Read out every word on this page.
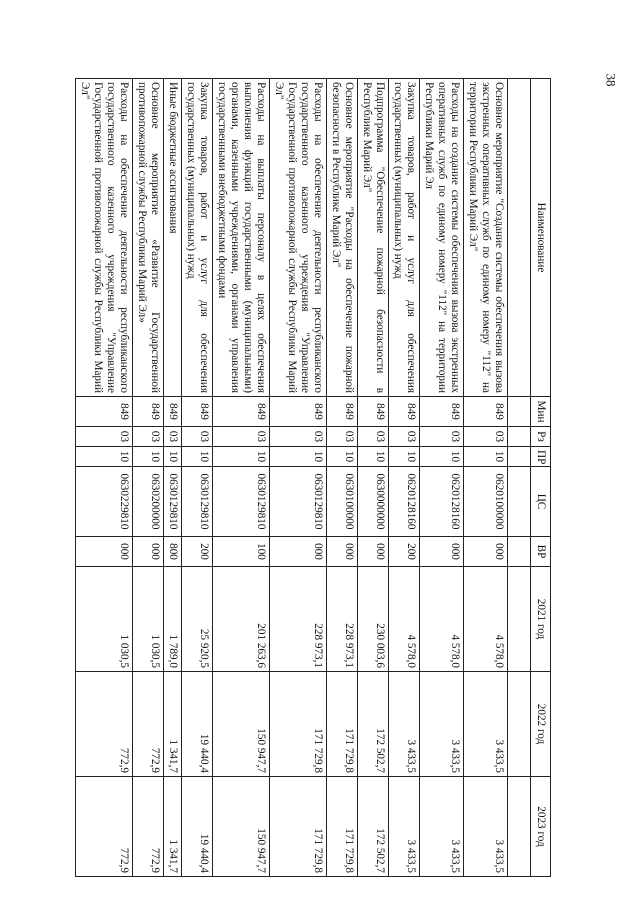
38
Наименование	Мин	Рз	ПР	ЦС	ВР	2021 год	2022 год	2023 год

Основное мероприятие "Создание системы обеспечения вызова экстренных оперативных служб по единому номеру "112" на территории Республики Марий Эл"	849	03	10	0620100000	000	4 578,0	3 433,5	3 433,5
Расходы на создание системы обеспечения вызова экстренных оперативных служб по единому номеру "112" на территории Республики Марий Эл	849	03	10	0620128160	000	4 578,0	3 433,5	3 433,5
Закупка товаров, работ и услуг для обеспечения государственных (муниципальных) нужд	849	03	10	0620128160	200	4 578,0	3 433,5	3 433,5
Подпрограмма "Обеспечение пожарной безопасности в Республике Марий Эл"	849	03	10	0630000000	000	230 003,6	172 502,7	172 502,7
Основное мероприятие "Расходы на обеспечение пожарной безопасности в Республике Марий Эл"	849	03	10	0630100000	000	228 973,1	171 729,8	171 729,8
Расходы на обеспечение деятельности республиканского государственного казенного учреждения "Управление Государственной противопожарной службы Республики Марий Эл"	849	03	10	0630129810	000	228 973,1	171 729,8	171 729,8
Расходы на выплаты персоналу в целях обеспечения выполнения функций государственными (муниципальными) органами, казенными учреждениями, органами управления государственными внебюджетными фондами	849	03	10	0630129810	100	201 263,6	150 947,7	150 947,7
Закупка товаров, работ и услуг для обеспечения государственных (муниципальных) нужд	849	03	10	0630129810	200	25 920,5	19 440,4	19 440,4
Иные бюджетные ассигнования	849	03	10	0630129810	800	1 789,0	1 341,7	1 341,7
Основное мероприятие «Развитие Государственной противопожарной службы Республики Марий Эл»	849	03	10	0630200000	000	1 030,5	772,9	772,9
Расходы на обеспечение деятельности республиканского государственного казенного учреждения "Управление Государственной противопожарной службы Республики Марий Эл"	849	03	10	0630229810	000	1 030,5	772,9	772,9
